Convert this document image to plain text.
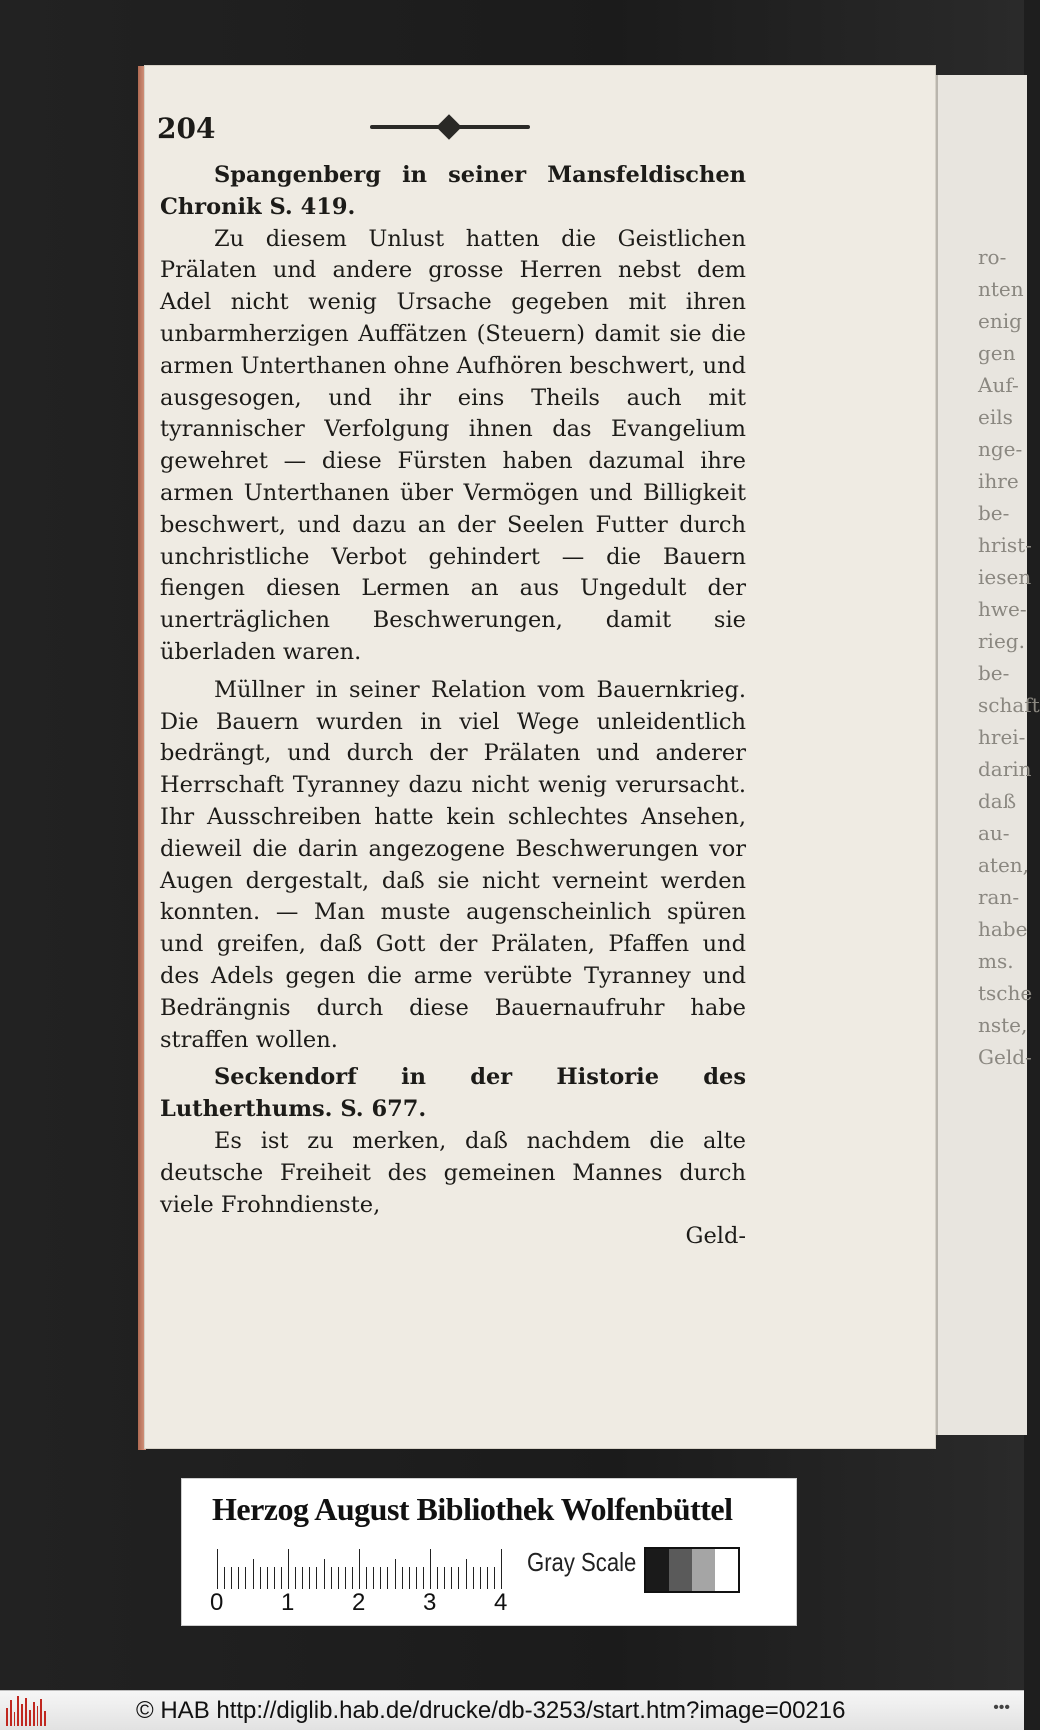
ro-
nten
enig
gen
Auf-
eils
nge-
ihre
be-
hrist-
iesen
hwe-
rieg.
be-
schaft
hrei-
darin
daß
au-
aten,
ran-
habe
ms.
tsche
nste,
Geld-
204

Spangenberg in seiner Mansfeldischen Chronik S. 419.

Zu diesem Unlust hatten die Geistlichen Prälaten und andere grosse Herren nebst dem Adel nicht wenig Ursache gegeben mit ihren unbarmherzigen Auffätzen (Steuern) damit sie die armen Unterthanen ohne Aufhören beschwert, und ausgesogen, und ihr eins Theils auch mit tyrannischer Verfolgung ihnen das Evangelium gewehret — diese Fürsten haben dazumal ihre armen Unterthanen über Vermögen und Billigkeit beschwert, und dazu an der Seelen Futter durch unchristliche Verbot gehindert — die Bauern fiengen diesen Lermen an aus Ungedult der unerträglichen Beschwerungen, damit sie überladen waren.

Müllner in seiner Relation vom Bauernkrieg. Die Bauern wurden in viel Wege unleidentlich bedrängt, und durch der Prälaten und anderer Herrschaft Tyranney dazu nicht wenig verursacht. Ihr Ausschreiben hatte kein schlechtes Ansehen, dieweil die darin angezogene Beschwerungen vor Augen dergestalt, daß sie nicht verneint werden konnten. — Man muste augenscheinlich spüren und greifen, daß Gott der Prälaten, Pfaffen und des Adels gegen die arme verübte Tyranney und Bedrängnis durch diese Bauernaufruhr habe straffen wollen.

Seckendorf in der Historie des Lutherthums. S. 677.

Es ist zu merken, daß nachdem die alte deutsche Freiheit des gemeinen Mannes durch viele Frohndienste,

Geld-

Herzog August Bibliothek Wolfenbüttel
0 1 2 3 4
Gray Scale
© HAB http://diglib.hab.de/drucke/db-3253/start.htm?image=00216	•••
